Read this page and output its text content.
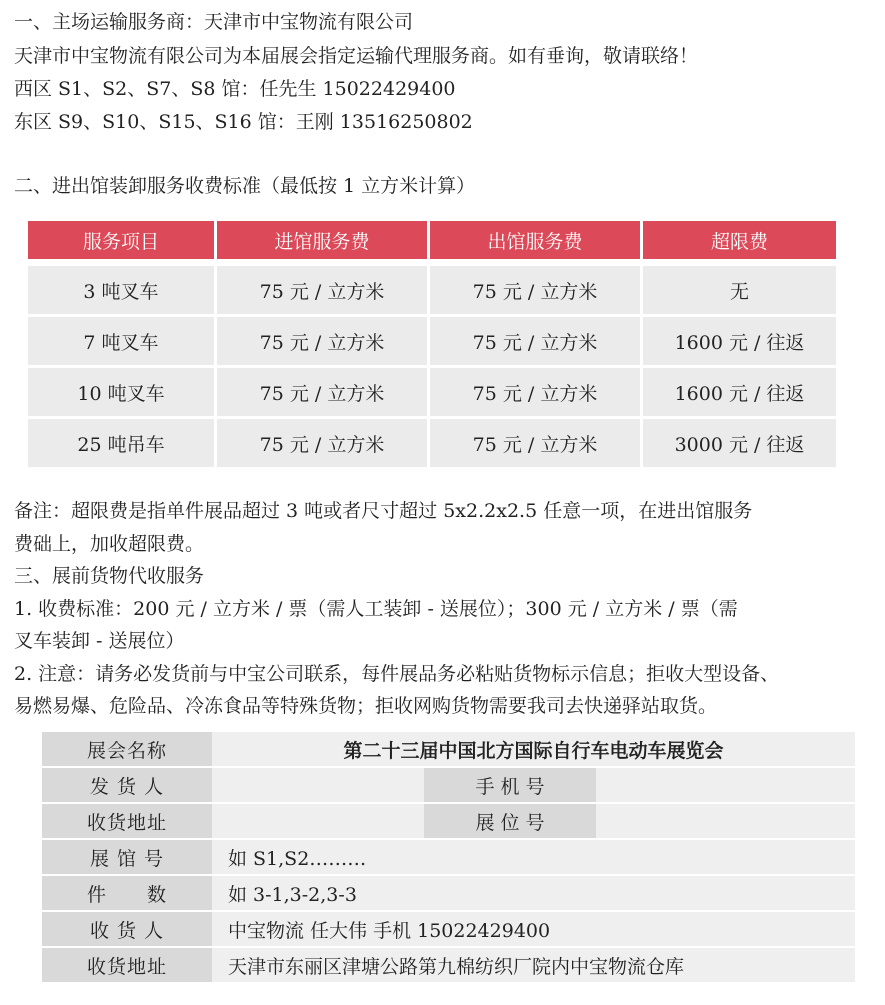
一、主场运输服务商：天津市中宝物流有限公司
天津市中宝物流有限公司为本届展会指定运输代理服务商。如有垂询，敬请联络！
西区 S1、S2、S7、S8 馆：任先生 15022429400
东区 S9、S10、S15、S16 馆：王刚 13516250802
二、进出馆装卸服务收费标准（最低按 1 立方米计算）
服务项目	进馆服务费	出馆服务费	超限费

3 吨叉车	75 元 / 立方米	75 元 / 立方米	无
7 吨叉车	75 元 / 立方米	75 元 / 立方米	1600 元 / 往返
10 吨叉车	75 元 / 立方米	75 元 / 立方米	1600 元 / 往返
25 吨吊车	75 元 / 立方米	75 元 / 立方米	3000 元 / 往返
备注：超限费是指单件展品超过 3 吨或者尺寸超过 5x2.2x2.5 任意一项，在进出馆服务
费础上，加收超限费。
三、展前货物代收服务
1. 收费标准：200 元 / 立方米 / 票（需人工装卸 - 送展位）；300 元 / 立方米 / 票（需
叉车装卸 - 送展位）
2. 注意：请务必发货前与中宝公司联系，每件展品务必粘贴货物标示信息；拒收大型设备、
易燃易爆、危险品、冷冻食品等特殊货物；拒收网购货物需要我司去快递驿站取货。
展会名称	第二十三届中国北方国际自行车电动车展览会		
发 货 人		手 机 号	
收货地址		展 位 号	
展 馆 号	如 S1,S2………		
件　　数	如 3-1,3-2,3-3		
收 货 人	中宝物流 任大伟 手机 15022429400		
收货地址	天津市东丽区津塘公路第九棉纺织厂院内中宝物流仓库		
